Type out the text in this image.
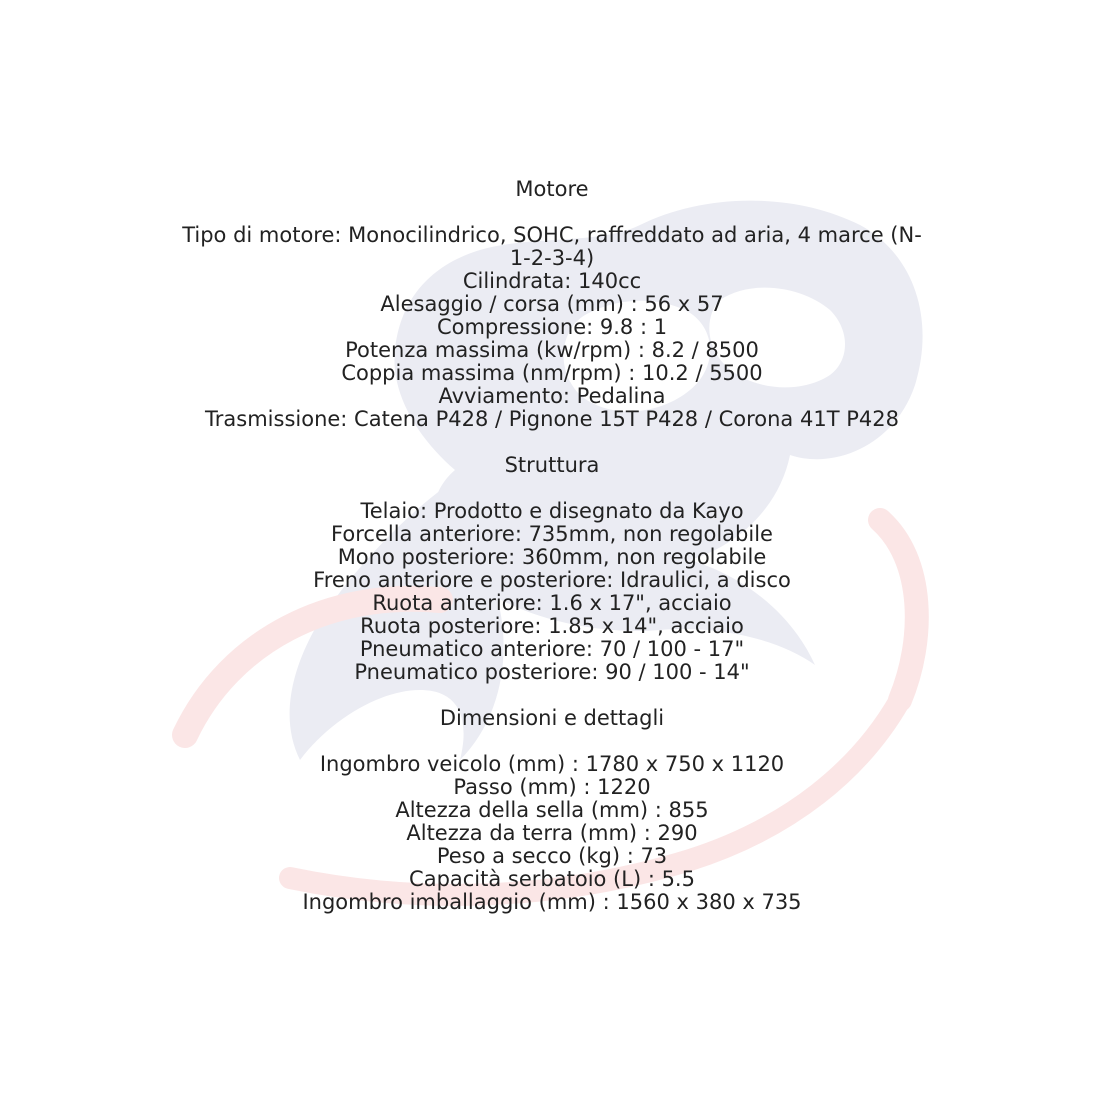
Motore
Tipo di motore: Monocilindrico, SOHC, raffreddato ad aria, 4 marce (N-1-2-3-4)
Cilindrata: 140cc
Alesaggio / corsa (mm) : 56 x 57
Compressione: 9.8 : 1
Potenza massima (kw/rpm) : 8.2 / 8500
Coppia massima (nm/rpm) : 10.2 / 5500
Avviamento: Pedalina
Trasmissione: Catena P428 / Pignone 15T P428 / Corona 41T P428
Struttura
Telaio: Prodotto e disegnato da Kayo
Forcella anteriore: 735mm, non regolabile
Mono posteriore: 360mm, non regolabile
Freno anteriore e posteriore: Idraulici, a disco
Ruota anteriore: 1.6 x 17", acciaio
Ruota posteriore: 1.85 x 14", acciaio
Pneumatico anteriore: 70 / 100 - 17"
Pneumatico posteriore: 90 / 100 - 14"
Dimensioni e dettagli
Ingombro veicolo (mm) : 1780 x 750 x 1120
Passo (mm) : 1220
Altezza della sella (mm) : 855
Altezza da terra (mm) : 290
Peso a secco (kg) : 73
Capacità serbatoio (L) : 5.5
Ingombro imballaggio (mm) : 1560 x 380 x 735
